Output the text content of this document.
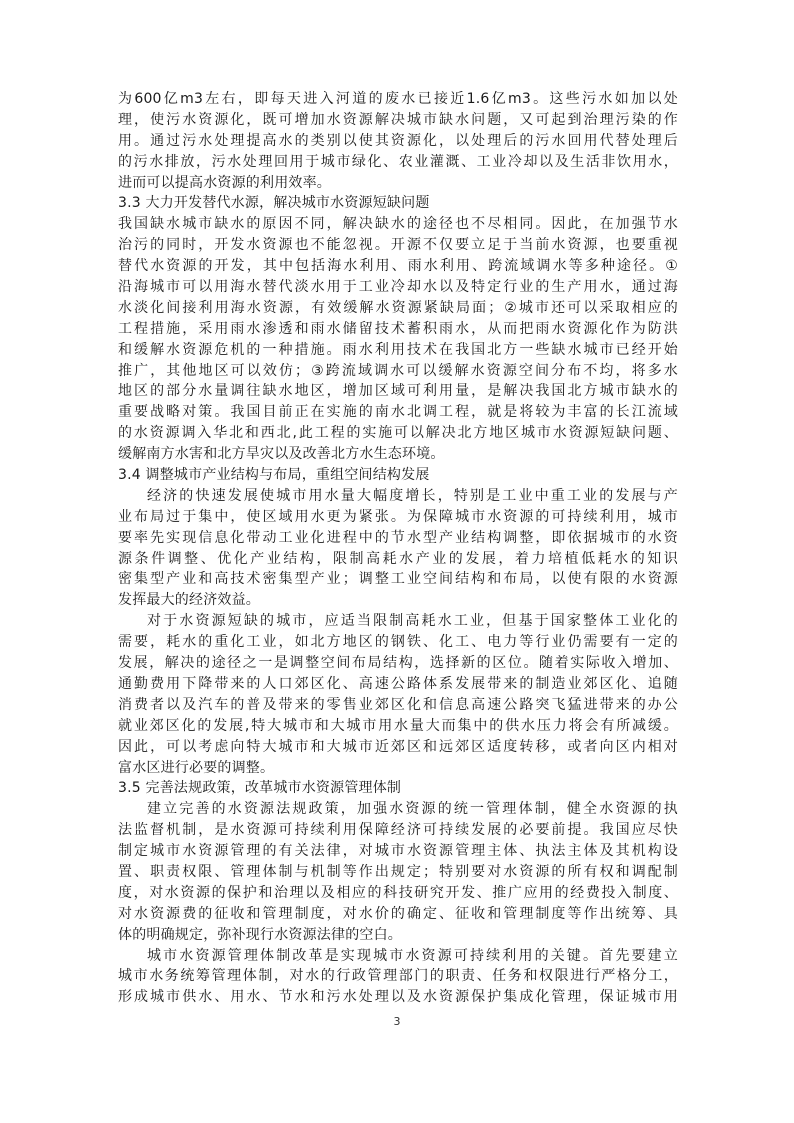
为600亿m3左右，即每天进入河道的废水已接近1.6亿m3。这些污水如加以处
理，使污水资源化，既可增加水资源解决城市缺水问题，又可起到治理污染的作
用。通过污水处理提高水的类别以使其资源化，以处理后的污水回用代替处理后
的污水排放，污水处理回用于城市绿化、农业灌溉、工业冷却以及生活非饮用水，
进而可以提高水资源的利用效率。
3.3 大力开发替代水源，解决城市水资源短缺问题
我国缺水城市缺水的原因不同，解决缺水的途径也不尽相同。因此，在加强节水
治污的同时，开发水资源也不能忽视。开源不仅要立足于当前水资源，也要重视
替代水资源的开发，其中包括海水利用、雨水利用、跨流域调水等多种途径。①
沿海城市可以用海水替代淡水用于工业冷却水以及特定行业的生产用水，通过海
水淡化间接利用海水资源，有效缓解水资源紧缺局面；②城市还可以采取相应的
工程措施，采用雨水渗透和雨水储留技术蓄积雨水，从而把雨水资源化作为防洪
和缓解水资源危机的一种措施。雨水利用技术在我国北方一些缺水城市已经开始
推广，其他地区可以效仿；③跨流域调水可以缓解水资源空间分布不均，将多水
地区的部分水量调往缺水地区，增加区域可利用量，是解决我国北方城市缺水的
重要战略对策。我国目前正在实施的南水北调工程，就是将较为丰富的长江流域
的水资源调入华北和西北,此工程的实施可以解决北方地区城市水资源短缺问题、
缓解南方水害和北方旱灾以及改善北方水生态环境。
3.4 调整城市产业结构与布局，重组空间结构发展
经济的快速发展使城市用水量大幅度增长，特别是工业中重工业的发展与产
业布局过于集中，使区域用水更为紧张。为保障城市水资源的可持续利用，城市
要率先实现信息化带动工业化进程中的节水型产业结构调整，即依据城市的水资
源条件调整、优化产业结构，限制高耗水产业的发展，着力培植低耗水的知识
密集型产业和高技术密集型产业；调整工业空间结构和布局，以使有限的水资源
发挥最大的经济效益。
对于水资源短缺的城市，应适当限制高耗水工业，但基于国家整体工业化的
需要，耗水的重化工业，如北方地区的钢铁、化工、电力等行业仍需要有一定的
发展，解决的途径之一是调整空间布局结构，选择新的区位。随着实际收入增加、
通勤费用下降带来的人口郊区化、高速公路体系发展带来的制造业郊区化、追随
消费者以及汽车的普及带来的零售业郊区化和信息高速公路突飞猛进带来的办公
就业郊区化的发展,特大城市和大城市用水量大而集中的供水压力将会有所减缓。
因此，可以考虑向特大城市和大城市近郊区和远郊区适度转移，或者向区内相对
富水区进行必要的调整。
3.5 完善法规政策，改革城市水资源管理体制
建立完善的水资源法规政策，加强水资源的统一管理体制，健全水资源的执
法监督机制，是水资源可持续利用保障经济可持续发展的必要前提。我国应尽快
制定城市水资源管理的有关法律，对城市水资源管理主体、执法主体及其机构设
置、职责权限、管理体制与机制等作出规定；特别要对水资源的所有权和调配制
度，对水资源的保护和治理以及相应的科技研究开发、推广应用的经费投入制度、
对水资源费的征收和管理制度，对水价的确定、征收和管理制度等作出统筹、具
体的明确规定，弥补现行水资源法律的空白。
城市水资源管理体制改革是实现城市水资源可持续利用的关键。首先要建立
城市水务统筹管理体制，对水的行政管理部门的职责、任务和权限进行严格分工，
形成城市供水、用水、节水和污水处理以及水资源保护集成化管理，保证城市用
3
